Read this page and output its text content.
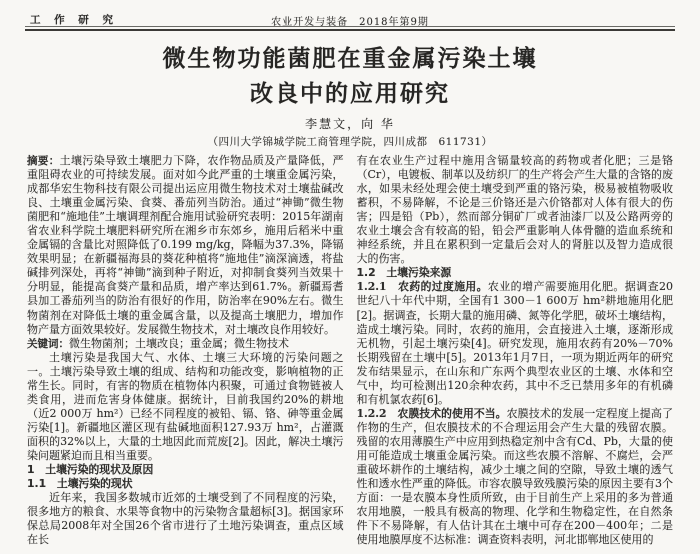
工 作 研 究	农业开发与装备　2018年第9期
微生物功能菌肥在重金属污染土壤
改良中的应用研究
李慧文，向 华
（四川大学锦城学院工商管理学院，四川成都　611731）

摘要：土壤污染导致土壤肥力下降，农作物品质及产量降低，严重阻碍农业的可持续发展。面对如今此严重的土壤重金属污染，成都华宏生物科技有限公司提出运应用微生物技术对土壤盐碱改良、土壤重金属污染、食葵、番茄列当防治。通过“神锄”微生物菌肥和“施地佳”土壤调理剂配合施用试验研究表明：2015年湖南省农业科学院土壤肥料研究所在湘乡市东郊乡，施用后稻米中重金属镉的含量比对照降低了0.199 mg/kg，降幅为37.3%，降镉效果明显；在新疆福海县的葵花种植将“施地佳”滴深滴透，将盐碱排列深处，再将“神锄”滴到种子附近，对抑制食葵列当效果十分明显，能提高食葵产量和品质，增产率达到61.7%。新疆焉耆县加工番茄列当的防治有很好的作用，防治率在90%左右。微生物菌剂在对降低土壤的重金属含量，以及提高土壤肥力，增加作物产量方面效果较好。发展微生物技术，对土壤改良作用较好。

关键词：微生物菌剂；土壤改良；重金属；微生物技术

土壤污染是我国大气、水体、土壤三大环境的污染问题之一。土壤污染导致土壤的组成、结构和功能改变，影响植物的正常生长。同时，有害的物质在植物体内积聚，可通过食物链被人类食用，进而危害身体健康。据统计，目前我国约20%的耕地（近2 000万 hm²）已经不同程度的被铅、镉、铬、砷等重金属污染[1]。新疆地区灌区现有盐碱地面积127.93万 hm²，占灌溉面积的32%以上，大量的土地因此而荒废[2]。因此，解决土壤污染问题紧迫而且相当重要。

1　土壤污染的现状及原因

1.1　土壤污染的现状

近年来，我国多数城市近郊的土壤受到了不同程度的污染，很多地方的粮食、水果等食物中的污染物含量超标[3]。据国家环保总局2008年对全国26个省市进行了土地污染调查，重点区域在长

有在农业生产过程中施用含镉量较高的药物或者化肥；三是铬（Cr），电镀板、制革以及纺织厂的生产将会产生大量的含铬的废水，如果未经处理会使土壤受到严重的铬污染，极易被植物吸收蓄积，不易降解，不论是三价铬还是六价铬都对人体有很大的伤害；四是铅（Pb），然而部分铜矿厂或者油漆厂以及公路两旁的农业土壤会含有较高的铅，铅会严重影响人体骨髓的造血系统和神经系统，并且在累积到一定量后会对人的肾脏以及智力造成很大的伤害。

1.2　土壤污染来源

1.2.1　农药的过度施用。农业的增产需要施用化肥。据调查20世纪八十年代中期，全国有1 300－1 600万 hm²耕地施用化肥[2]。据调查，长期大量的施用磷、氮等化学肥，破坏土壤结构，造成土壤污染。同时，农药的施用，会直接进入土壤，逐渐形成无机物，引起土壤污染[4]。研究发现，施用农药有20%－70%长期残留在土壤中[5]。2013年1月7日，一项为期近两年的研究发布结果显示，在山东和广东两个典型农业区的土壤、水体和空气中，均可检测出120余种农药，其中不乏已禁用多年的有机磷和有机氯农药[6]。

1.2.2　农膜技术的使用不当。农膜技术的发展一定程度上提高了作物的生产，但农膜技术的不合理运用会产生大量的残留农膜。残留的农用薄膜生产中应用到热稳定剂中含有Cd、Pb，大量的使用可能造成土壤重金属污染。而这些农膜不溶解、不腐烂，会严重破坏耕作的土壤结构，减少土壤之间的空隙，导致土壤的透气性和透水性严重的降低。市容农膜导致残膜污染的原因主要有3个方面：一是农膜本身性质所致，由于目前生产上采用的多为普通农用地膜，一般具有极高的物理、化学和生物稳定性，在自然条件下不易降解，有人估计其在土壤中可存在200－400年；二是使用地膜厚度不达标准：调查资料表明，河北邯郸地区使用的
